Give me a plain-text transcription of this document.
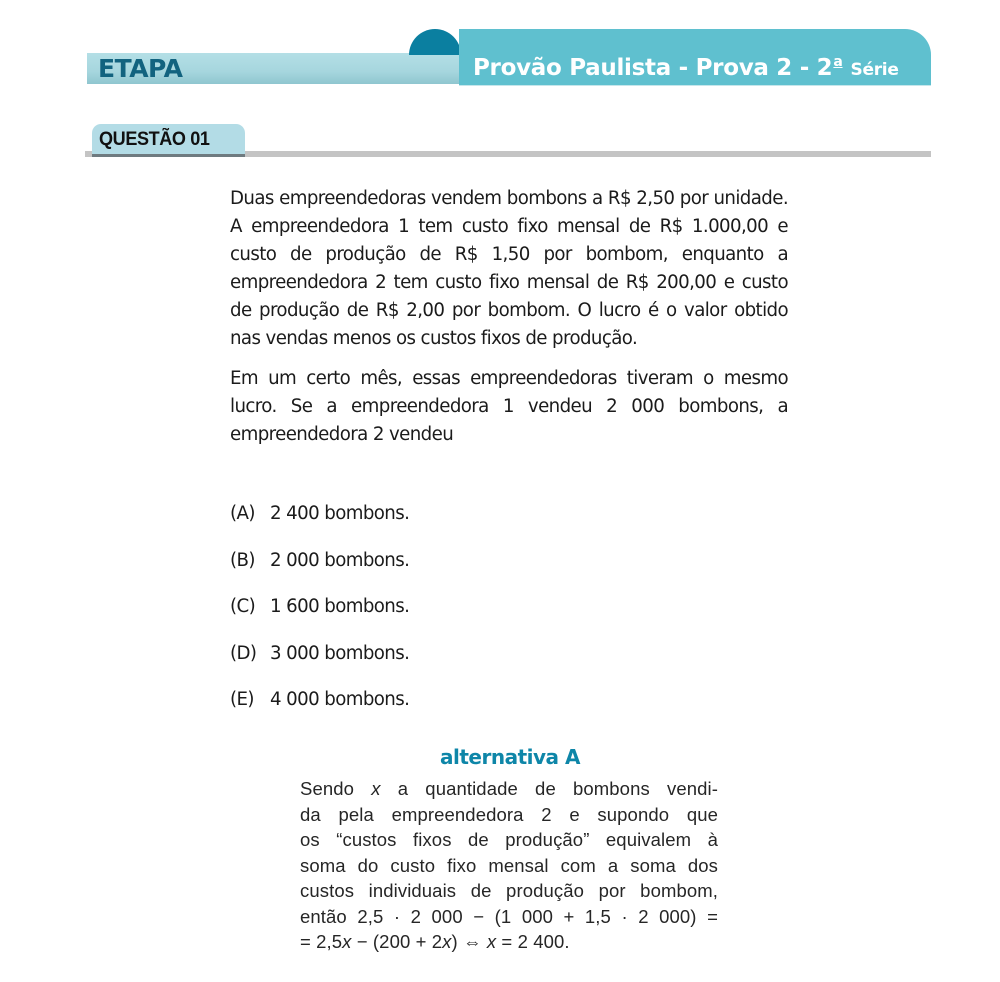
ETAPA	Provão Paulista - Prova 2 - 2$^a$ Série
QUESTÃO 01

Duas empreendedoras vendem bombons a R$ 2,50 por unidade. A empreendedora 1 tem custo fixo mensal de R$ 1.000,00 e custo de produção de R$ 1,50 por bombom, enquanto a empreendedora 2 tem custo fixo mensal de R$ 200,00 e custo de produção de R$ 2,00 por bombom. O lucro é o valor obtido nas vendas menos os custos fixos de produção.

Em um certo mês, essas empreendedoras tiveram o mesmo lucro. Se a empreendedora 1 vendeu 2 000 bombons, a empreendedora 2 vendeu

(A) 2 400 bombons.
(B) 2 000 bombons.
(C) 1 600 bombons.
(D) 3 000 bombons.
(E) 4 000 bombons.
alternativa A
Sendo x a quantidade de bombons vendi-
da pela empreendedora 2 e supondo que
os “custos fixos de produção” equivalem à
soma do custo fixo mensal com a soma dos
custos individuais de produção por bombom,
então 2,5 · 2 000 − (1 000 + 1,5 · 2 000) =
= 2,5x − (200 + 2x) ⇔ x = 2 400.
